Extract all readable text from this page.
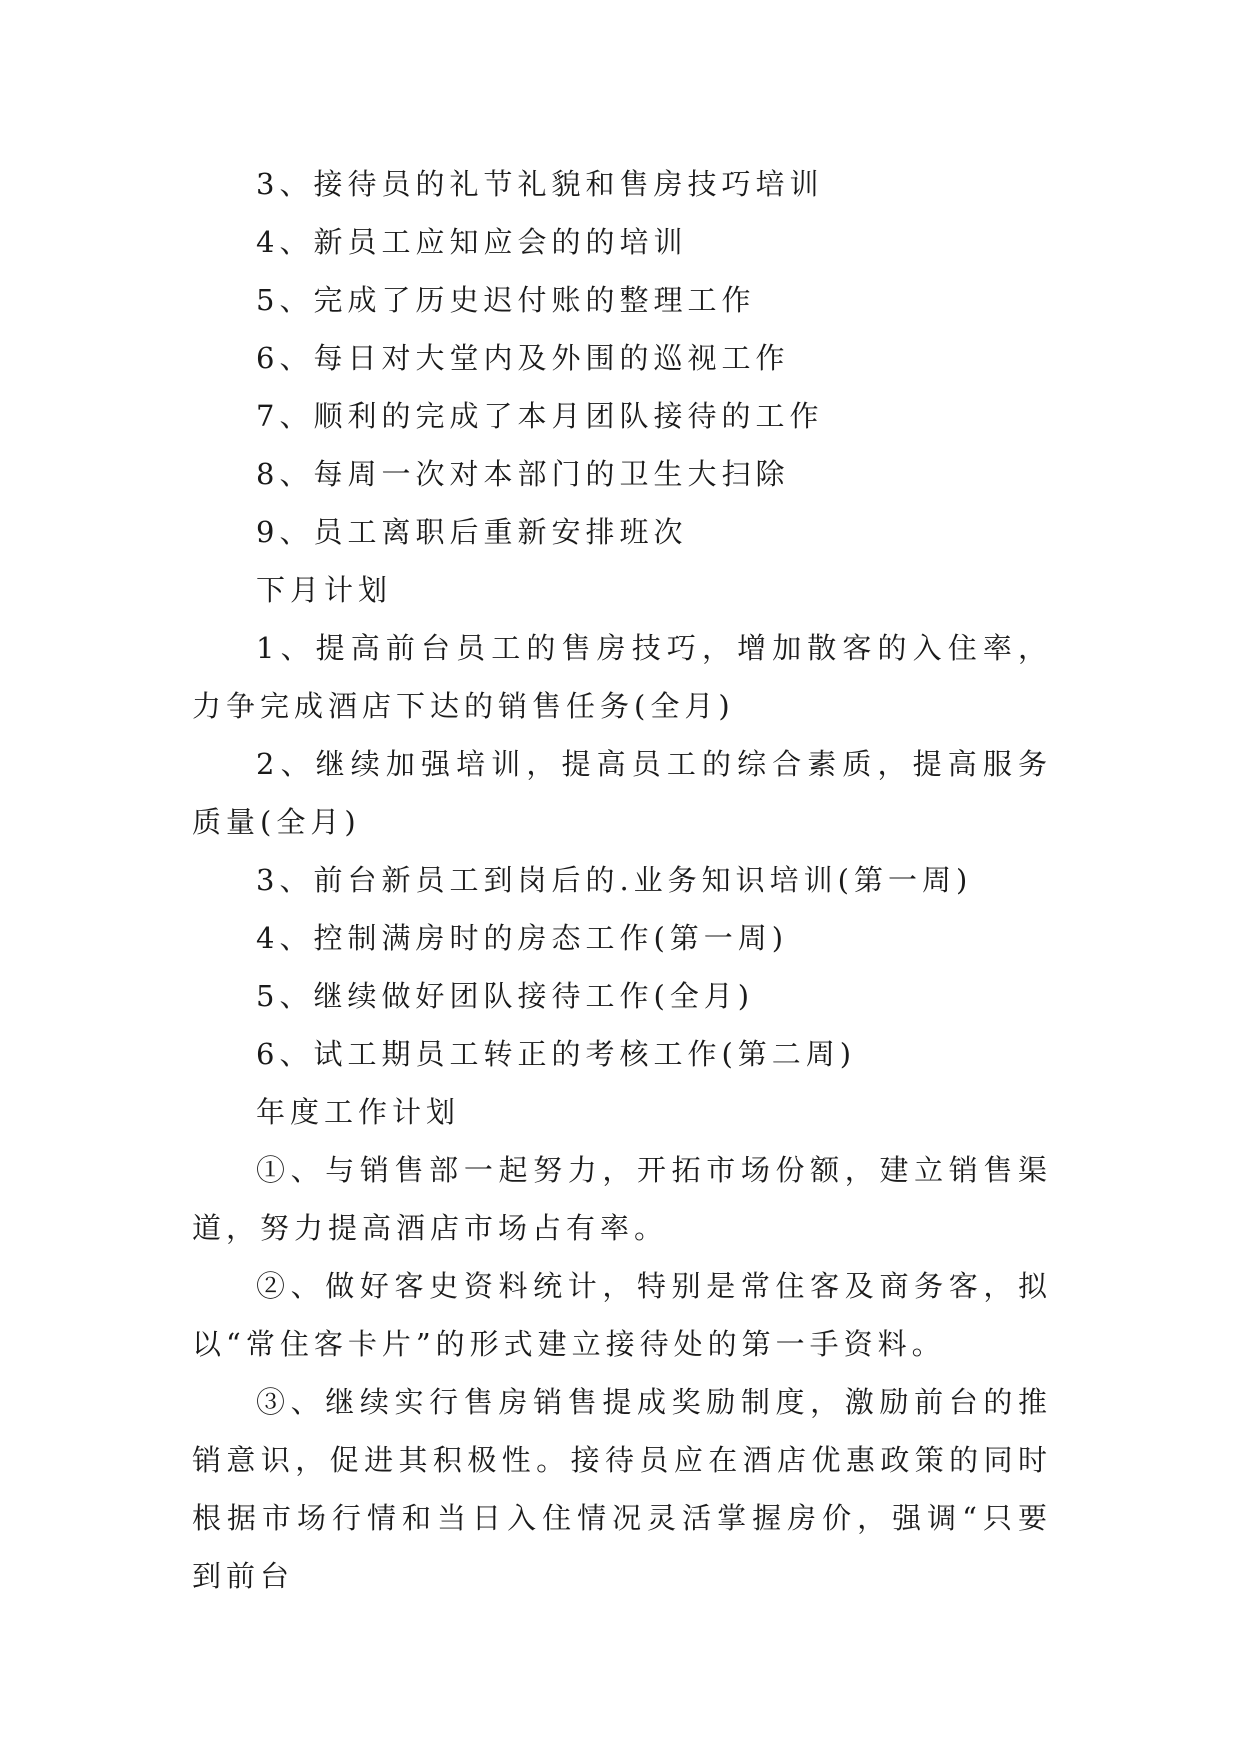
3、接待员的礼节礼貌和售房技巧培训

4、新员工应知应会的的培训

5、完成了历史迟付账的整理工作

6、每日对大堂内及外围的巡视工作

7、顺利的完成了本月团队接待的工作

8、每周一次对本部门的卫生大扫除

9、员工离职后重新安排班次

下月计划

1、提高前台员工的售房技巧，增加散客的入住率，力争完成酒店下达的销售任务(全月)

2、继续加强培训，提高员工的综合素质，提高服务质量(全月)

3、前台新员工到岗后的.业务知识培训(第一周)

4、控制满房时的房态工作(第一周)

5、继续做好团队接待工作(全月)

6、试工期员工转正的考核工作(第二周)

年度工作计划

①、与销售部一起努力，开拓市场份额，建立销售渠道，努力提高酒店市场占有率。

②、做好客史资料统计，特别是常住客及商务客，拟以“常住客卡片”的形式建立接待处的第一手资料。

③、继续实行售房销售提成奖励制度，激励前台的推销意识，促进其积极性。接待员应在酒店优惠政策的同时根据市场行情和当日入住情况灵活掌握房价，强调“只要到前台
